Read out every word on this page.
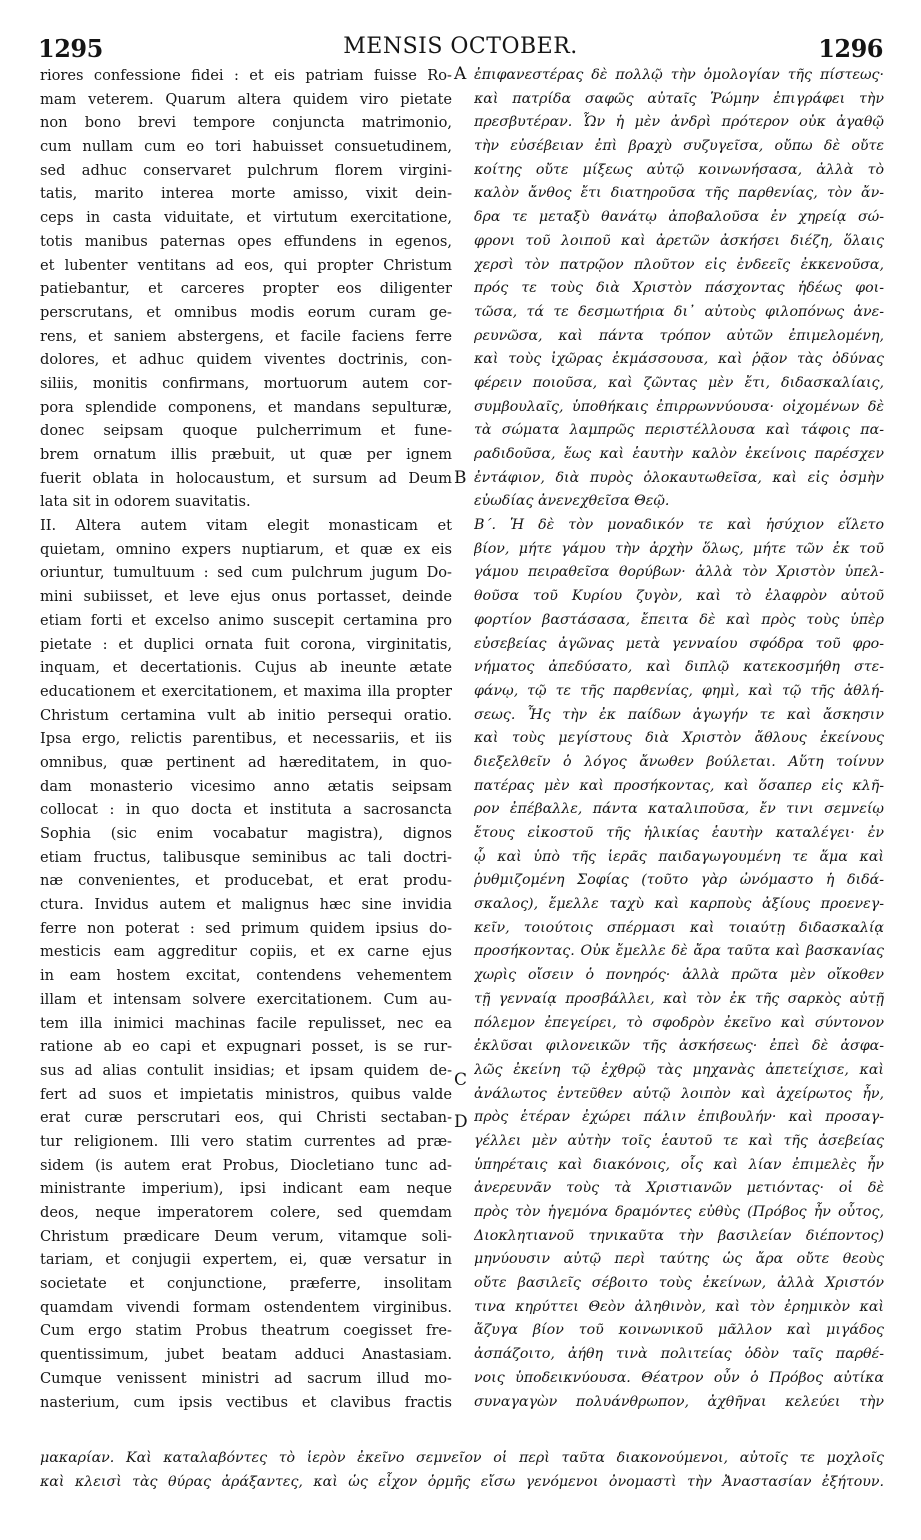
1295	MENSIS OCTOBER.	1296
riores confessione fidei : et eis patriam fuisse Ro-
mam veterem. Quarum altera quidem viro pietate
non bono brevi tempore conjuncta matrimonio,
cum nullam cum eo tori habuisset consuetudinem,
sed adhuc conservaret pulchrum florem virgini-
tatis, marito interea morte amisso, vixit dein-
ceps in casta viduitate, et virtutum exercitatione,
totis manibus paternas opes effundens in egenos,
et lubenter ventitans ad eos, qui propter Christum
patiebantur, et carceres propter eos diligenter
perscrutans, et omnibus modis eorum curam ge-
rens, et saniem abstergens, et facile faciens ferre
dolores, et adhuc quidem viventes doctrinis, con-
siliis, monitis confirmans, mortuorum autem cor-
pora splendide componens, et mandans sepulturæ,
donec seipsam quoque pulcherrimum et fune-
brem ornatum illis præbuit, ut quæ per ignem
fuerit oblata in holocaustum, et sursum ad Deum
lata sit in odorem suavitatis.
II. Altera autem vitam elegit monasticam et
quietam, omnino expers nuptiarum, et quæ ex eis
oriuntur, tumultuum : sed cum pulchrum jugum Do-
mini subiisset, et leve ejus onus portasset, deinde
etiam forti et excelso animo suscepit certamina pro
pietate : et duplici ornata fuit corona, virginitatis,
inquam, et decertationis. Cujus ab ineunte ætate
educationem et exercitationem, et maxima illa propter
Christum certamina vult ab initio persequi oratio.
Ipsa ergo, relictis parentibus, et necessariis, et iis
omnibus, quæ pertinent ad hæreditatem, in quo-
dam monasterio vicesimo anno ætatis seipsam
collocat : in quo docta et instituta a sacrosancta
Sophia (sic enim vocabatur magistra), dignos
etiam fructus, talibusque seminibus ac tali doctri-
næ convenientes, et producebat, et erat produ-
ctura. Invidus autem et malignus hæc sine invidia
ferre non poterat : sed primum quidem ipsius do-
mesticis eam aggreditur copiis, et ex carne ejus
in eam hostem excitat, contendens vehementem
illam et intensam solvere exercitationem. Cum au-
tem illa inimici machinas facile repulisset, nec ea
ratione ab eo capi et expugnari posset, is se rur-
sus ad alias contulit insidias; et ipsam quidem de-
fert ad suos et impietatis ministros, quibus valde
erat curæ perscrutari eos, qui Christi sectaban-
tur religionem. Illi vero statim currentes ad præ-
sidem (is autem erat Probus, Diocletiano tunc ad-
ministrante imperium), ipsi indicant eam neque
deos, neque imperatorem colere, sed quemdam
Christum prædicare Deum verum, vitamque soli-
tariam, et conjugii expertem, ei, quæ versatur in
societate et conjunctione, præferre, insolitam
quamdam vivendi formam ostendentem virginibus.
Cum ergo statim Probus theatrum coegisset fre-
quentissimum, jubet beatam adduci Anastasiam.
Cumque venissent ministri ad sacrum illud mo-
nasterium, cum ipsis vectibus et clavibus fractis
ἐπιφανεστέρας δὲ πολλῷ τὴν ὁμολογίαν τῆς πίστεως·
καὶ πατρίδα σαφῶς αὐταῖς Ῥώμην ἐπιγράφει τὴν
πρεσβυτέραν. Ὧν ἡ μὲν ἀνδρὶ πρότερον οὐκ ἀγαθῷ
τὴν εὐσέβειαν ἐπὶ βραχὺ συζυγεῖσα, οὔπω δὲ οὔτε
κοίτης οὔτε μίξεως αὐτῷ κοινωνήσασα, ἀλλὰ τὸ
καλὸν ἄνθος ἔτι διατηροῦσα τῆς παρθενίας, τὸν ἄν-
δρα τε μεταξὺ θανάτῳ ἀποβαλοῦσα ἐν χηρείᾳ σώ-
φρονι τοῦ λοιποῦ καὶ ἀρετῶν ἀσκήσει διέζη, ὅλαις
χερσὶ τὸν πατρῷον πλοῦτον εἰς ἐνδεεῖς ἐκκενοῦσα,
πρός τε τοὺς διὰ Χριστὸν πάσχοντας ἡδέως φοι-
τῶσα, τά τε δεσμωτήρια δι᾽ αὐτοὺς φιλοπόνως ἀνε-
ρευνῶσα, καὶ πάντα τρόπον αὐτῶν ἐπιμελομένη,
καὶ τοὺς ἰχῶρας ἐκμάσσουσα, καὶ ῥᾷον τὰς ὀδύνας
φέρειν ποιοῦσα, καὶ ζῶντας μὲν ἔτι, διδασκαλίαις,
συμβουλαῖς, ὑποθήκαις ἐπιρρωννύουσα· οἰχομένων δὲ
τὰ σώματα λαμπρῶς περιστέλλουσα καὶ τάφοις πα-
ραδιδοῦσα, ἕως καὶ ἑαυτὴν καλὸν ἐκείνοις παρέσχεν
ἐντάφιον, διὰ πυρὸς ὁλοκαυτωθεῖσα, καὶ εἰς ὀσμὴν
εὐωδίας ἀνενεχθεῖσα Θεῷ.
Β΄. Ἡ δὲ τὸν μοναδικόν τε καὶ ἡσύχιον εἵλετο
βίον, μήτε γάμου τὴν ἀρχὴν ὅλως, μήτε τῶν ἐκ τοῦ
γάμου πειραθεῖσα θορύβων· ἀλλὰ τὸν Χριστὸν ὑπελ-
θοῦσα τοῦ Κυρίου ζυγὸν, καὶ τὸ ἐλαφρὸν αὐτοῦ
φορτίον βαστάσασα, ἔπειτα δὲ καὶ πρὸς τοὺς ὑπὲρ
εὐσεβείας ἀγῶνας μετὰ γενναίου σφόδρα τοῦ φρο-
νήματος ἀπεδύσατο, καὶ διπλῷ κατεκοσμήθη στε-
φάνῳ, τῷ τε τῆς παρθενίας, φημὶ, καὶ τῷ τῆς ἀθλή-
σεως. Ἧς τὴν ἐκ παίδων ἀγωγήν τε καὶ ἄσκησιν
καὶ τοὺς μεγίστους διὰ Χριστὸν ἄθλους ἐκείνους
διεξελθεῖν ὁ λόγος ἄνωθεν βούλεται. Αὕτη τοίνυν
πατέρας μὲν καὶ προσήκοντας, καὶ ὅσαπερ εἰς κλῆ-
ρον ἐπέβαλλε, πάντα καταλιποῦσα, ἔν τινι σεμνείῳ
ἔτους εἰκοστοῦ τῆς ἡλικίας ἑαυτὴν καταλέγει· ἐν
ᾧ καὶ ὑπὸ τῆς ἱερᾶς παιδαγωγουμένη τε ἅμα καὶ
ῥυθμιζομένη Σοφίας (τοῦτο γὰρ ὠνόμαστο ἡ διδά-
σκαλος), ἔμελλε ταχὺ καὶ καρποὺς ἀξίους προενεγ-
κεῖν, τοιούτοις σπέρμασι καὶ τοιαύτῃ διδασκαλίᾳ
προσήκοντας. Οὐκ ἔμελλε δὲ ἄρα ταῦτα καὶ βασκανίας
χωρὶς οἴσειν ὁ πονηρός· ἀλλὰ πρῶτα μὲν οἴκοθεν
τῇ γενναίᾳ προσβάλλει, καὶ τὸν ἐκ τῆς σαρκὸς αὐτῇ
πόλεμον ἐπεγείρει, τὸ σφοδρὸν ἐκεῖνο καὶ σύντονον
ἐκλῦσαι φιλονεικῶν τῆς ἀσκήσεως· ἐπεὶ δὲ ἀσφα-
λῶς ἐκείνη τῷ ἐχθρῷ τὰς μηχανὰς ἀπετείχισε, καὶ
ἀνάλωτος ἐντεῦθεν αὐτῷ λοιπὸν καὶ ἀχείρωτος ἦν,
πρὸς ἑτέραν ἐχώρει πάλιν ἐπιβουλήν· καὶ προσαγ-
γέλλει μὲν αὐτὴν τοῖς ἑαυτοῦ τε καὶ τῆς ἀσεβείας
ὑπηρέταις καὶ διακόνοις, οἷς καὶ λίαν ἐπιμελὲς ἦν
ἀνερευνᾶν τοὺς τὰ Χριστιανῶν μετιόντας· οἱ δὲ
πρὸς τὸν ἡγεμόνα δραμόντες εὐθὺς (Πρόβος ἦν οὗτος,
Διοκλητιανοῦ τηνικαῦτα τὴν βασιλείαν διέποντος)
μηνύουσιν αὐτῷ περὶ ταύτης ὡς ἄρα οὔτε θεοὺς
οὔτε βασιλεῖς σέβοιτο τοὺς ἐκείνων, ἀλλὰ Χριστόν
τινα κηρύττει Θεὸν ἀληθινὸν, καὶ τὸν ἐρημικὸν καὶ
ἄζυγα βίον τοῦ κοινωνικοῦ μᾶλλον καὶ μιγάδος
ἀσπάζοιτο, ἀήθη τινὰ πολιτείας ὁδὸν ταῖς παρθέ-
νοις ὑποδεικνύουσα. Θέατρον οὖν ὁ Πρόβος αὐτίκα
συναγαγὼν πολυάνθρωπον, ἀχθῆναι κελεύει τὴν
A
B
C
D
μακαρίαν. Καὶ καταλαβόντες τὸ ἱερὸν ἐκεῖνο σεμνεῖον οἱ περὶ ταῦτα διακονούμενοι, αὐτοῖς τε μοχλοῖς
καὶ κλεισὶ τὰς θύρας ἀράξαντες, καὶ ὡς εἶχον ὁρμῆς εἴσω γενόμενοι ὀνομαστὶ τὴν Ἀναστασίαν ἐξήτουν.
